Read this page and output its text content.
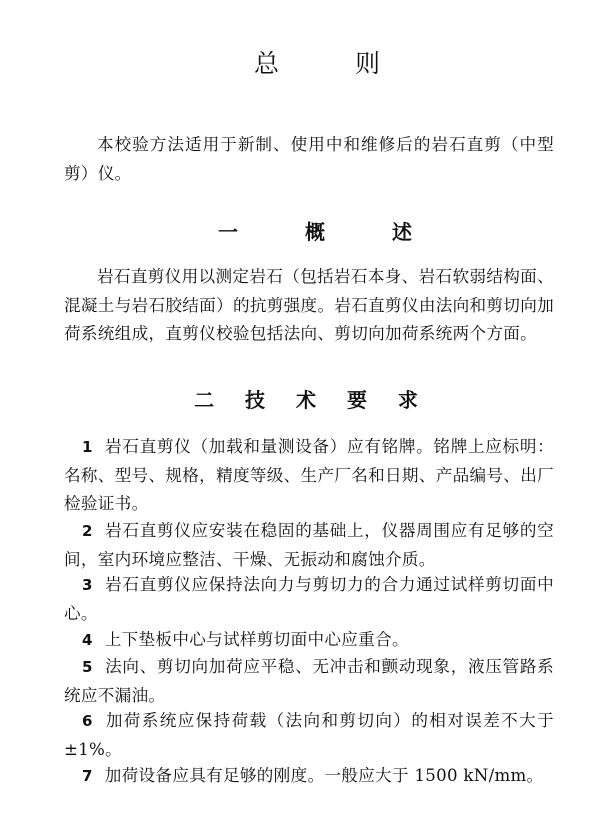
总 则

本校验方法适用于新制、使用中和维修后的岩石直剪（中型剪）仪。

一 概 述

岩石直剪仪用以测定岩石（包括岩石本身、岩石软弱结构面、混凝土与岩石胶结面）的抗剪强度。岩石直剪仪由法向和剪切向加荷系统组成，直剪仪校验包括法向、剪切向加荷系统两个方面。

二 技 术 要 求

1 岩石直剪仪（加载和量测设备）应有铭牌。铭牌上应标明：名称、型号、规格，精度等级、生产厂名和日期、产品编号、出厂检验证书。

2 岩石直剪仪应安装在稳固的基础上，仪器周围应有足够的空间，室内环境应整洁、干燥、无振动和腐蚀介质。

3 岩石直剪仪应保持法向力与剪切力的合力通过试样剪切面中心。

4 上下垫板中心与试样剪切面中心应重合。

5 法向、剪切向加荷应平稳、无冲击和颤动现象，液压管路系统应不漏油。

6 加荷系统应保持荷载（法向和剪切向）的相对误差不大于±1%。

7 加荷设备应具有足够的刚度。一般应大于 1500 kN/mm。
